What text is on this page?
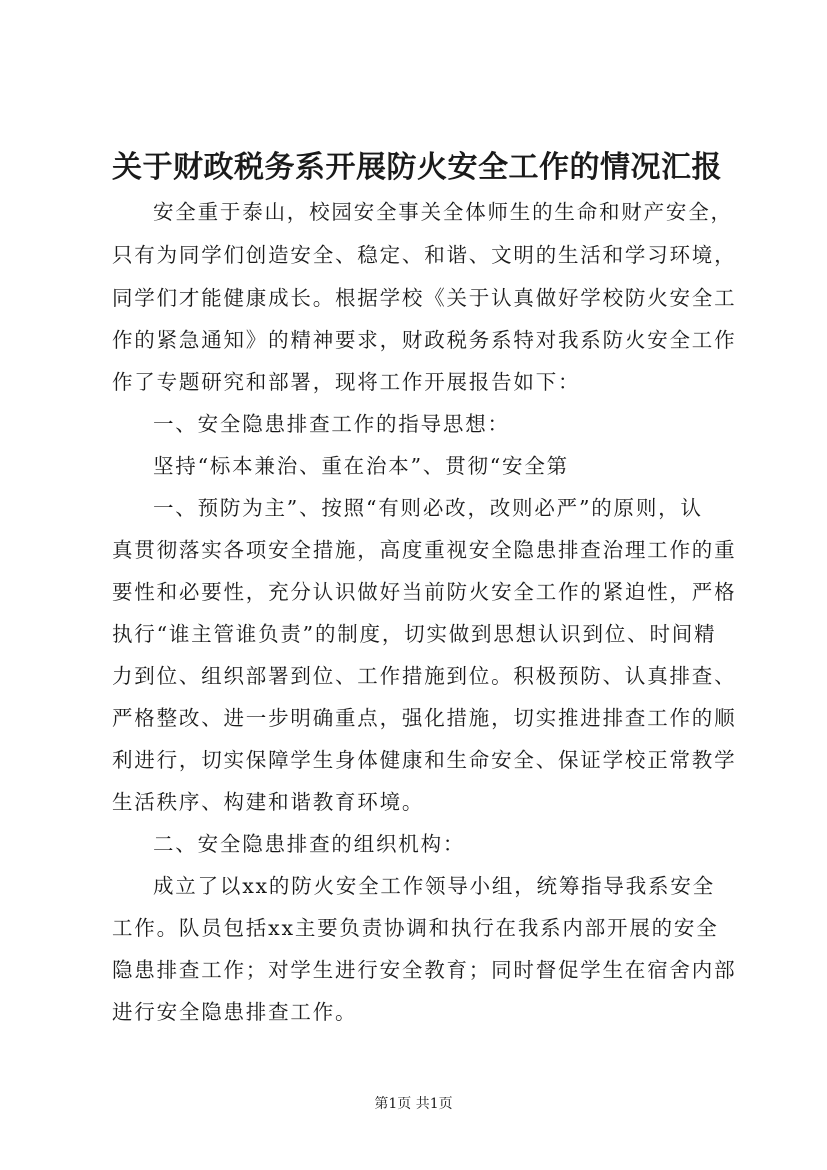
关于财政税务系开展防火安全工作的情况汇报
安全重于泰山，校园安全事关全体师生的生命和财产安全，
只有为同学们创造安全、稳定、和谐、文明的生活和学习环境，
同学们才能健康成长。根据学校《关于认真做好学校防火安全工
作的紧急通知》的精神要求，财政税务系特对我系防火安全工作
作了专题研究和部署，现将工作开展报告如下：
一、安全隐患排查工作的指导思想：
坚持“标本兼治、重在治本”、贯彻“安全第
一、预防为主”、按照“有则必改，改则必严”的原则，认
真贯彻落实各项安全措施，高度重视安全隐患排查治理工作的重
要性和必要性，充分认识做好当前防火安全工作的紧迫性，严格
执行“谁主管谁负责”的制度，切实做到思想认识到位、时间精
力到位、组织部署到位、工作措施到位。积极预防、认真排查、
严格整改、进一步明确重点，强化措施，切实推进排查工作的顺
利进行，切实保障学生身体健康和生命安全、保证学校正常教学
生活秩序、构建和谐教育环境。
二、安全隐患排查的组织机构：
成立了以xx的防火安全工作领导小组，统筹指导我系安全
工作。队员包括xx主要负责协调和执行在我系内部开展的安全
隐患排查工作；对学生进行安全教育；同时督促学生在宿舍内部
进行安全隐患排查工作。
第1页 共1页
